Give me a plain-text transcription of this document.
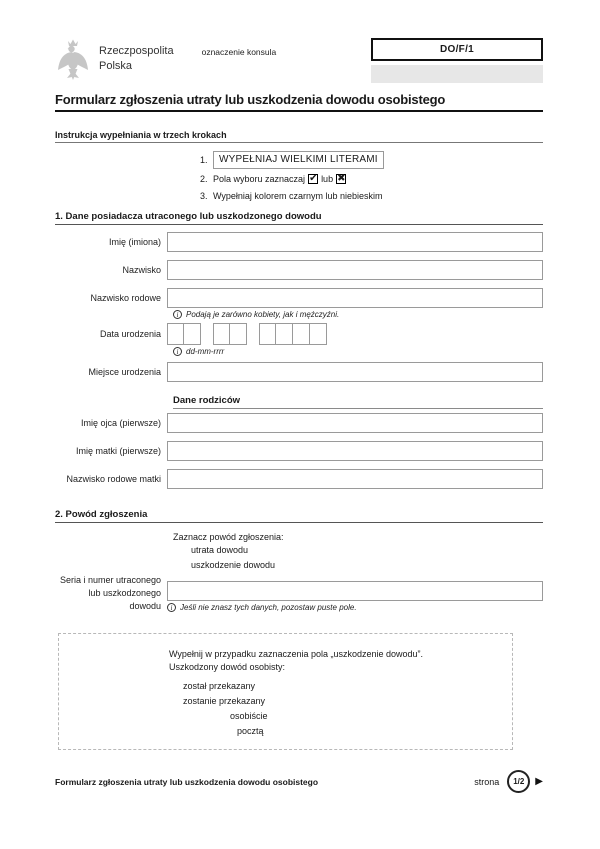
Rzeczpospolita
Polska
oznaczenie konsula	DO/F/1
Formularz zgłoszenia utraty lub uszkodzenia dowodu osobistego
Instrukcja wypełniania w trzech krokach
1.	WYPEŁNIAJ WIELKIMI LITERAMI
2. Pola wyboru zaznaczaj ✔ lub ✖
3. Wypełniaj kolorem czarnym lub niebieskim
1. Dane posiadacza utraconego lub uszkodzonego dowodu
Imię (imiona)
Nazwisko
Nazwisko rodowe
i Podają je zarówno kobiety, jak i mężczyźni.
Data urodzenia
i dd-mm-rrrr
Miejsce urodzenia
Dane rodziców
Imię ojca (pierwsze)
Imię matki (pierwsze)
Nazwisko rodowe matki
2. Powód zgłoszenia
Zaznacz powód zgłoszenia:
utrata dowodu
uszkodzenie dowodu
Seria i numer utraconego
lub uszkodzonego
dowodu	i Jeśli nie znasz tych danych, pozostaw puste pole.
Wypełnij w przypadku zaznaczenia pola „uszkodzenie dowodu”.
Uszkodzony dowód osobisty:
został przekazany
zostanie przekazany
osobiście
pocztą
Formularz zgłoszenia utraty lub uszkodzenia dowodu osobistego	strona	1/2	▶
